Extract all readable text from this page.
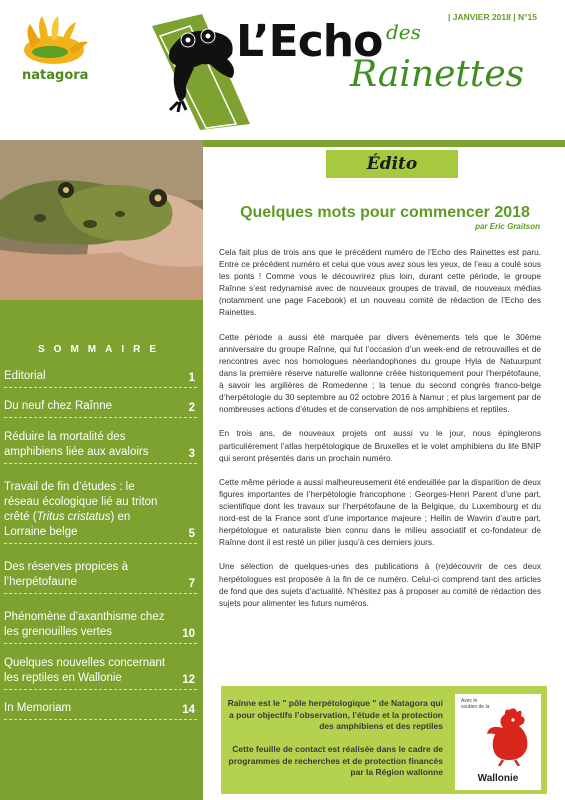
natagora
L’Echo des
Rainettes
| JANVIER 2018 | N°15
SOMMAIRE
Editorial	1
Du neuf chez Raînne	2
Réduire la mortalité des amphibiens liée aux avaloirs	3
Travail de fin d’études : le réseau écologique lié au triton crêté (Tritus cristatus) en Lorraine belge	5
Des réserves propices à l’herpétofaune	7
Phénomène d’axanthisme chez les grenouilles vertes	10
Quelques nouvelles concernant les reptiles en Wallonie	12
In Memoriam	14
Édito
Quelques mots pour commencer 2018
par Eric Graitson

Cela fait plus de trois ans que le précédent numéro de l’Echo des Rainettes est paru. Entre ce précédent numéro et celui que vous avez sous les yeux, de l’eau a coulé sous les ponts ! Comme vous le découvrirez plus loin, durant cette période, le groupe Raînne s’est redynamisé avec de nouveaux groupes de travail, de nouveaux médias (notamment une page Facebook) et un nouveau comité de rédaction de l’Echo des Rainettes.

Cette période a aussi été marquée par divers évènements tels que le 30ème anniversaire du groupe Raînne, qui fut l’occasion d’un week-end de retrouvailles et de rencontres avec nos homologues néerlandophones du groupe Hyla de Natuurpunt dans la première réserve naturelle wallonne créée historiquement pour l’herpétofaune, à savoir les argilières de Romedenne ; la tenue du second congrès franco-belge d’herpétologie du 30 septembre au 02 octobre 2016 à Namur ; et plus largement par de nombreuses actions d’études et de conservation de nos amphibiens et reptiles.

En trois ans, de nouveaux projets ont aussi vu le jour, nous épinglerons particulièrement l’atlas herpétologique de Bruxelles et le volet amphibiens du life BNIP qui seront présentés dans un prochain numéro.

Cette même période a aussi malheureusement été endeuillée par la disparition de deux figures importantes de l’herpétologie francophone : Georges-Henri Parent d’une part, scientifique dont les travaux sur l’herpétofaune de la Belgique, du Luxembourg et du nord-est de la France sont d’une importance majeure ; Hellin de Wavrin d’autre part, herpétologue et naturaliste bien connu dans le milieu associatif et co-fondateur de Raînne dont il est resté un pilier jusqu’à ces derniers jours.

Une sélection de quelques-unes des publications à (re)découvrir de ces deux herpétologues est proposée à la fin de ce numéro. Celui-ci comprend tant des articles de fond que des sujets d’actualité. N’hésitez pas à proposer au comité de rédaction des sujets pour alimenter les futurs numéros.

Raînne est le " pôle herpétologique " de Natagora qui a pour objectifs l’observation, l’étude et la protection des amphibiens et des reptiles
Cette feuille de contact est réalisée dans le cadre de programmes de recherches et de protection financés par la Région wallonne
Avec le soutien de la
Wallonie
